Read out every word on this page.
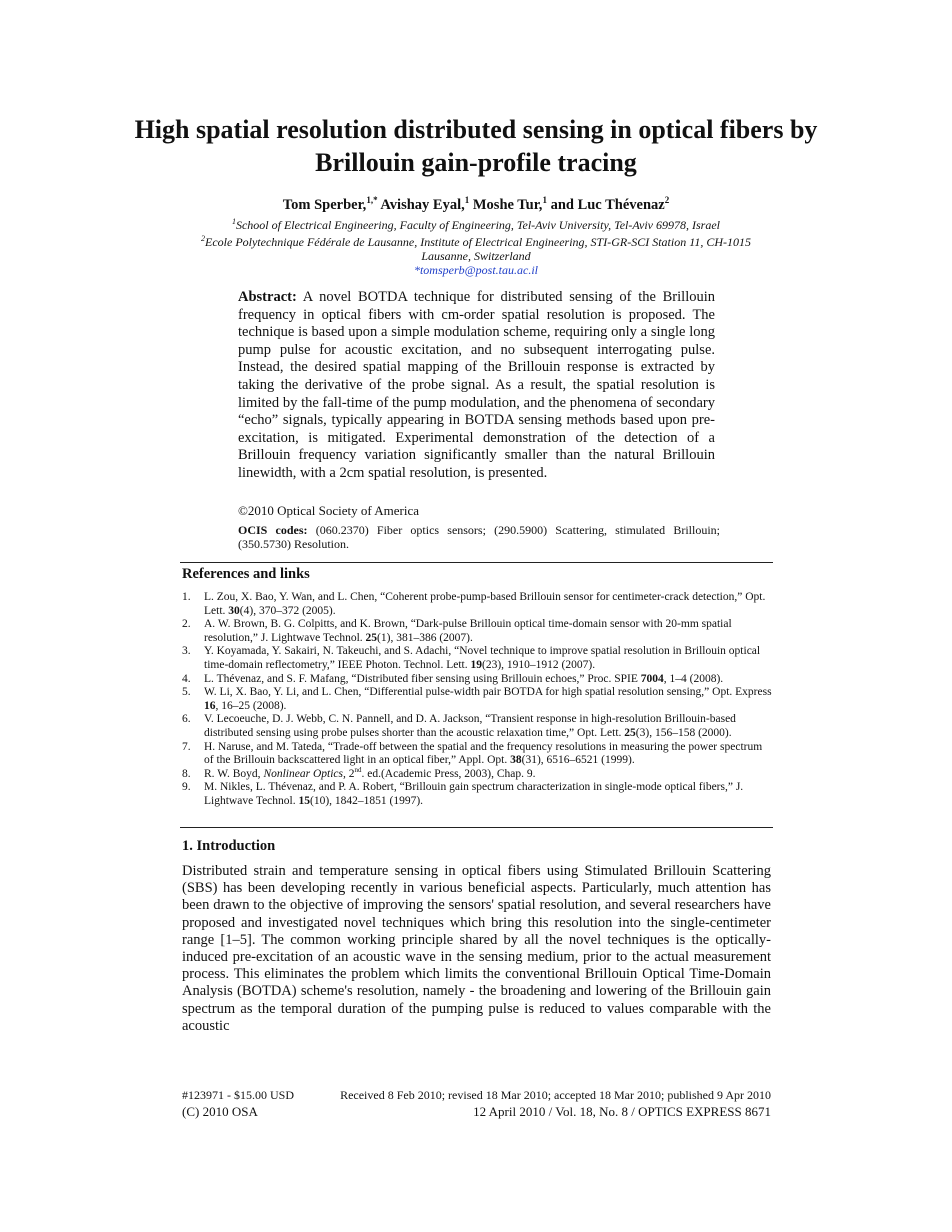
High spatial resolution distributed sensing in optical fibers by Brillouin gain-profile tracing

Tom Sperber,$^{1,*}$ Avishay Eyal,$^1$ Moshe Tur,$^1$ and Luc Thévenaz$^2$

$^1$School of Electrical Engineering, Faculty of Engineering, Tel-Aviv University, Tel-Aviv 69978, Israel
$^2$Ecole Polytechnique Fédérale de Lausanne, Institute of Electrical Engineering, STI-GR-SCI Station 11, CH-1015 Lausanne, Switzerland
*tomsperb@post.tau.ac.il

Abstract: A novel BOTDA technique for distributed sensing of the Brillouin frequency in optical fibers with cm-order spatial resolution is proposed. The technique is based upon a simple modulation scheme, requiring only a single long pump pulse for acoustic excitation, and no subsequent interrogating pulse. Instead, the desired spatial mapping of the Brillouin response is extracted by taking the derivative of the probe signal. As a result, the spatial resolution is limited by the fall-time of the pump modulation, and the phenomena of secondary “echo” signals, typically appearing in BOTDA sensing methods based upon pre-excitation, is mitigated. Experimental demonstration of the detection of a Brillouin frequency variation significantly smaller than the natural Brillouin linewidth, with a 2cm spatial resolution, is presented.

©2010 Optical Society of America

OCIS codes: (060.2370) Fiber optics sensors; (290.5900) Scattering, stimulated Brillouin; (350.5730) Resolution.

References and links

1. L. Zou, X. Bao, Y. Wan, and L. Chen, “Coherent probe-pump-based Brillouin sensor for centimeter-crack detection,” Opt. Lett. 30(4), 370–372 (2005).
2. A. W. Brown, B. G. Colpitts, and K. Brown, “Dark-pulse Brillouin optical time-domain sensor with 20-mm spatial resolution,” J. Lightwave Technol. 25(1), 381–386 (2007).
3. Y. Koyamada, Y. Sakairi, N. Takeuchi, and S. Adachi, “Novel technique to improve spatial resolution in Brillouin optical time-domain reflectometry,” IEEE Photon. Technol. Lett. 19(23), 1910–1912 (2007).
4. L. Thévenaz, and S. F. Mafang, “Distributed fiber sensing using Brillouin echoes,” Proc. SPIE 7004, 1–4 (2008).
5. W. Li, X. Bao, Y. Li, and L. Chen, “Differential pulse-width pair BOTDA for high spatial resolution sensing,” Opt. Express 16, 16–25 (2008).
6. V. Lecoeuche, D. J. Webb, C. N. Pannell, and D. A. Jackson, “Transient response in high-resolution Brillouin-based distributed sensing using probe pulses shorter than the acoustic relaxation time,” Opt. Lett. 25(3), 156–158 (2000).
7. H. Naruse, and M. Tateda, “Trade-off between the spatial and the frequency resolutions in measuring the power spectrum of the Brillouin backscattered light in an optical fiber,” Appl. Opt. 38(31), 6516–6521 (1999).
8. R. W. Boyd, Nonlinear Optics, 2nd. ed.(Academic Press, 2003), Chap. 9.
9. M. Nikles, L. Thévenaz, and P. A. Robert, “Brillouin gain spectrum characterization in single-mode optical fibers,” J. Lightwave Technol. 15(10), 1842–1851 (1997).
1. Introduction

Distributed strain and temperature sensing in optical fibers using Stimulated Brillouin Scattering (SBS) has been developing recently in various beneficial aspects. Particularly, much attention has been drawn to the objective of improving the sensors' spatial resolution, and several researchers have proposed and investigated novel techniques which bring this resolution into the single-centimeter range [1–5]. The common working principle shared by all the novel techniques is the optically-induced pre-excitation of an acoustic wave in the sensing medium, prior to the actual measurement process. This eliminates the problem which limits the conventional Brillouin Optical Time-Domain Analysis (BOTDA) scheme's resolution, namely - the broadening and lowering of the Brillouin gain spectrum as the temporal duration of the pumping pulse is reduced to values comparable with the acoustic

#123971 - $15.00 USD	Received 8 Feb 2010; revised 18 Mar 2010; accepted 18 Mar 2010; published 9 Apr 2010
(C) 2010 OSA	12 April 2010 / Vol. 18, No. 8 / OPTICS EXPRESS 8671
